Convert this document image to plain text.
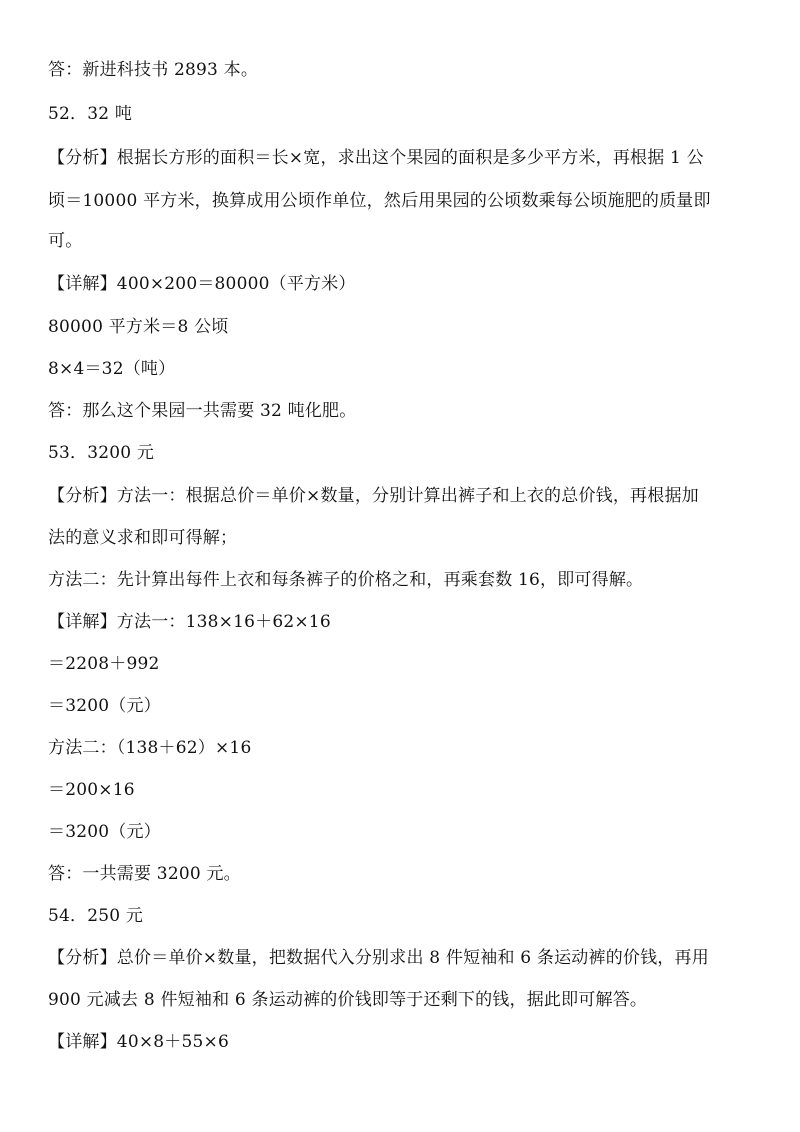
答：新进科技书 2893 本。
52．32 吨
【分析】根据长方形的面积＝长×宽，求出这个果园的面积是多少平方米，再根据 1 公
顷＝10000 平方米，换算成用公顷作单位，然后用果园的公顷数乘每公顷施肥的质量即
可。
【详解】400×200＝80000（平方米）
80000 平方米＝8 公顷
8×4＝32（吨）
答：那么这个果园一共需要 32 吨化肥。
53．3200 元
【分析】方法一：根据总价＝单价×数量，分别计算出裤子和上衣的总价钱，再根据加
法的意义求和即可得解；
方法二：先计算出每件上衣和每条裤子的价格之和，再乘套数 16，即可得解。
【详解】方法一：138×16＋62×16
＝2208＋992
＝3200（元）
方法二：（138＋62）×16
＝200×16
＝3200（元）
答：一共需要 3200 元。
54．250 元
【分析】总价＝单价×数量，把数据代入分别求出 8 件短袖和 6 条运动裤的价钱，再用
900 元减去 8 件短袖和 6 条运动裤的价钱即等于还剩下的钱，据此即可解答。
【详解】40×8＋55×6
